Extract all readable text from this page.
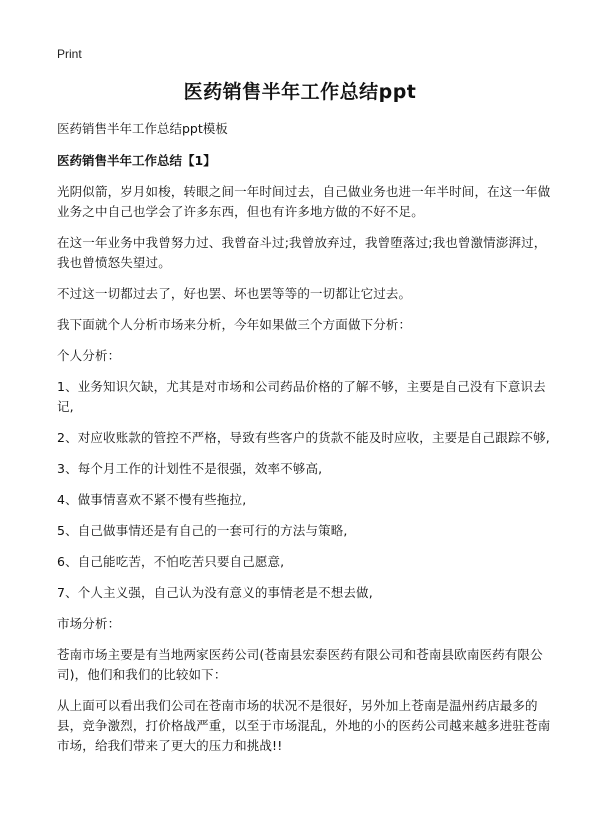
Print
医药销售半年工作总结ppt
医药销售半年工作总结ppt模板
医药销售半年工作总结【1】

光阴似箭，岁月如梭，转眼之间一年时间过去，自己做业务也进一年半时间，在这一年做业务之中自己也学会了许多东西，但也有许多地方做的不好不足。

在这一年业务中我曾努力过、我曾奋斗过;我曾放弃过，我曾堕落过;我也曾激情澎湃过，我也曾愤怒失望过。

不过这一切都过去了，好也罢、坏也罢等等的一切都让它过去。

我下面就个人分析市场来分析，今年如果做三个方面做下分析：

个人分析：

1、业务知识欠缺，尤其是对市场和公司药品价格的了解不够，主要是自己没有下意识去记,

2、对应收账款的管控不严格，导致有些客户的货款不能及时应收，主要是自己跟踪不够,

3、每个月工作的计划性不是很强，效率不够高,

4、做事情喜欢不紧不慢有些拖拉,

5、自己做事情还是有自己的一套可行的方法与策略,

6、自己能吃苦，不怕吃苦只要自己愿意,

7、个人主义强，自己认为没有意义的事情老是不想去做,

市场分析：

苍南市场主要是有当地两家医药公司(苍南县宏泰医药有限公司和苍南县欧南医药有限公司)，他们和我们的比较如下：

从上面可以看出我们公司在苍南市场的状况不是很好，另外加上苍南是温州药店最多的县，竞争激烈，打价格战严重，以至于市场混乱，外地的小的医药公司越来越多进驻苍南市场，给我们带来了更大的压力和挑战!!
